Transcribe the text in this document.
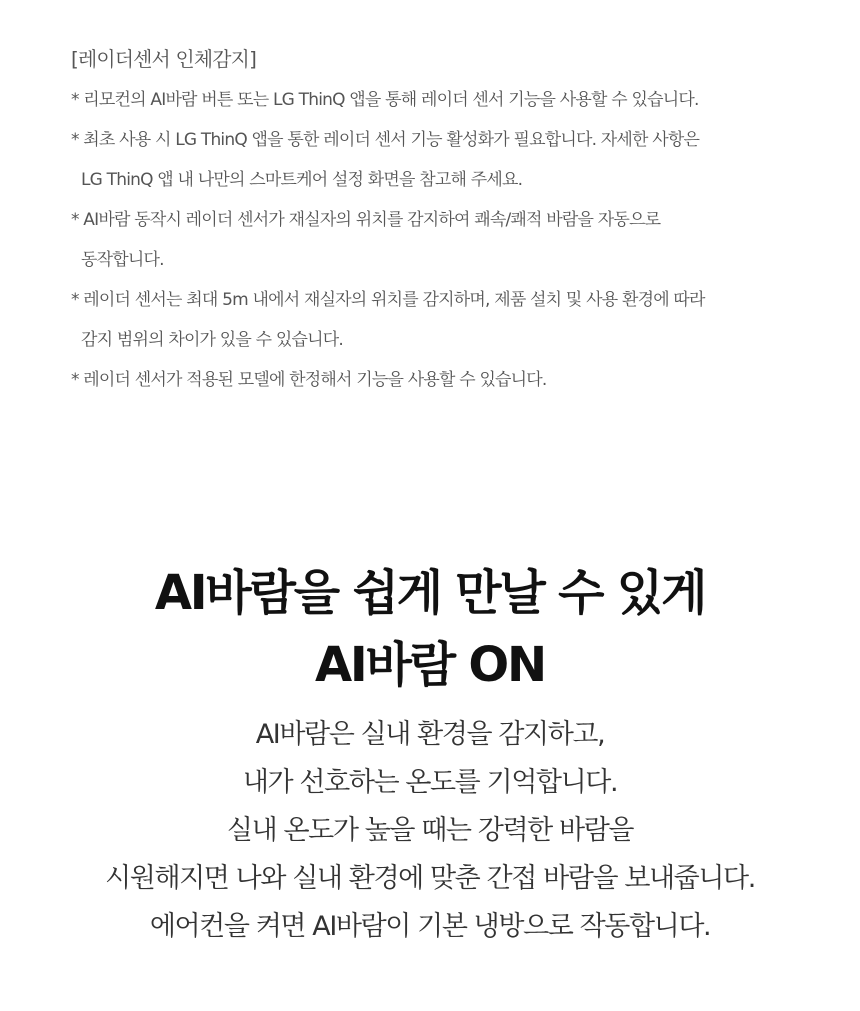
[레이더센서 인체감지]

* 리모컨의 AI바람 버튼 또는 LG ThinQ 앱을 통해 레이더 센서 기능을 사용할 수 있습니다.

* 최초 사용 시 LG ThinQ 앱을 통한 레이더 센서 기능 활성화가 필요합니다. 자세한 사항은

LG ThinQ 앱 내 나만의 스마트케어 설정 화면을 참고해 주세요.

* AI바람 동작시 레이더 센서가 재실자의 위치를 감지하여 쾌속/쾌적 바람을 자동으로

동작합니다.

* 레이더 센서는 최대 5m 내에서 재실자의 위치를 감지하며, 제품 설치 및 사용 환경에 따라

감지 범위의 차이가 있을 수 있습니다.

* 레이더 센서가 적용된 모델에 한정해서 기능을 사용할 수 있습니다.

AI바람을 쉽게 만날 수 있게
AI바람 ON

AI바람은 실내 환경을 감지하고,

내가 선호하는 온도를 기억합니다.

실내 온도가 높을 때는 강력한 바람을

시원해지면 나와 실내 환경에 맞춘 간접 바람을 보내줍니다.

에어컨을 켜면 AI바람이 기본 냉방으로 작동합니다.
